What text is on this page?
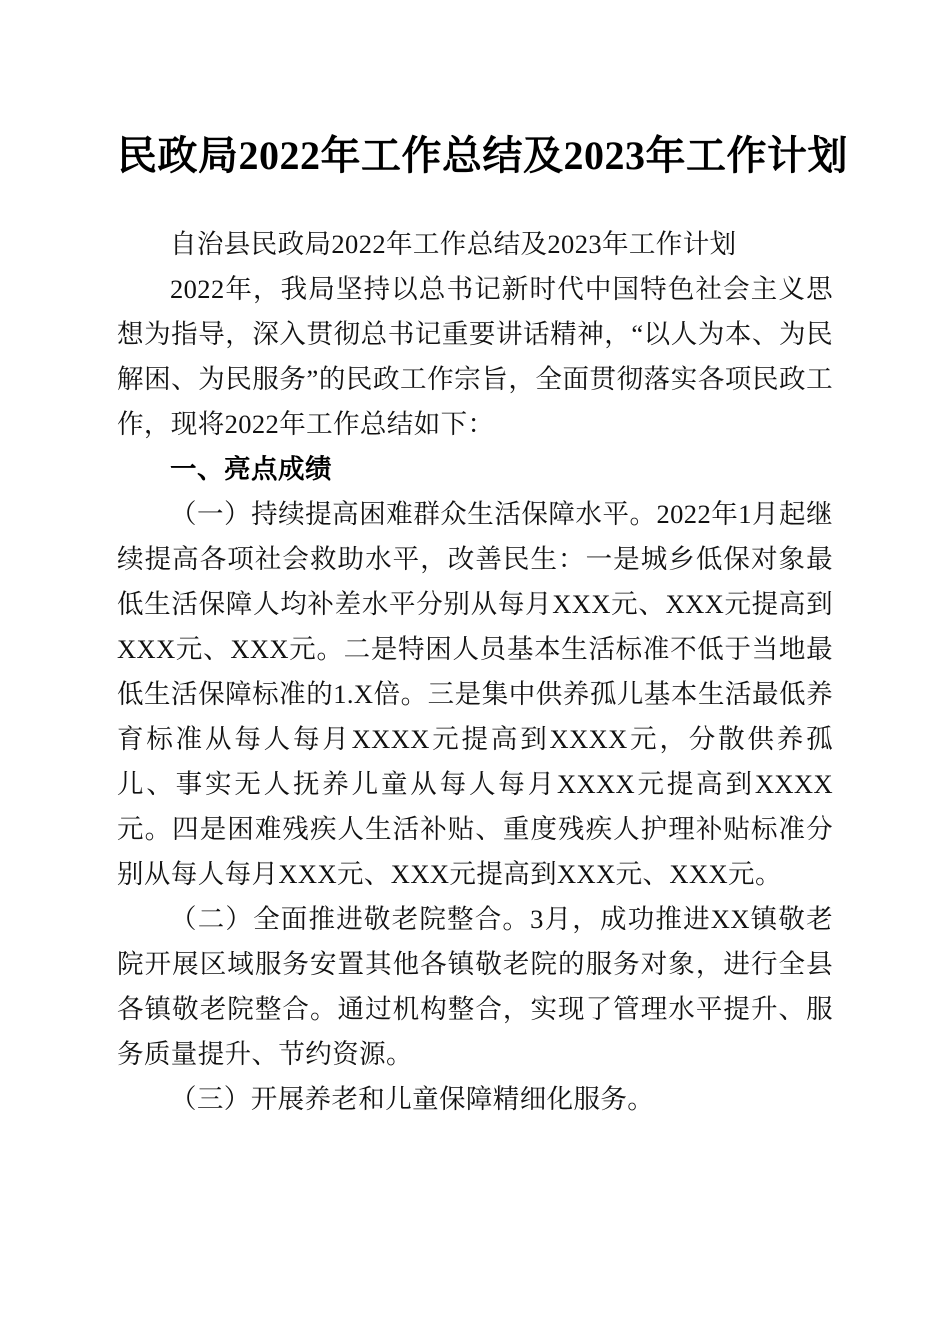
民政局2022年工作总结及2023年工作计划

自治县民政局2022年工作总结及2023年工作计划

2022年，我局坚持以总书记新时代中国特色社会主义思想为指导，深入贯彻总书记重要讲话精神，“以人为本、为民解困、为民服务”的民政工作宗旨，全面贯彻落实各项民政工作，现将2022年工作总结如下：

一、亮点成绩

（一）持续提高困难群众生活保障水平。2022年1月起继续提高各项社会救助水平，改善民生：一是城乡低保对象最低生活保障人均补差水平分别从每月XXX元、XXX元提高到XXX元、XXX元。二是特困人员基本生活标准不低于当地最低生活保障标准的1.X倍。三是集中供养孤儿基本生活最低养育标准从每人每月XXXX元提高到XXXX元，分散供养孤儿、事实无人抚养儿童从每人每月XXXX元提高到XXXX元。四是困难残疾人生活补贴、重度残疾人护理补贴标准分别从每人每月XXX元、XXX元提高到XXX元、XXX元。

（二）全面推进敬老院整合。3月，成功推进XX镇敬老院开展区域服务安置其他各镇敬老院的服务对象，进行全县各镇敬老院整合。通过机构整合，实现了管理水平提升、服务质量提升、节约资源。

（三）开展养老和儿童保障精细化服务。
